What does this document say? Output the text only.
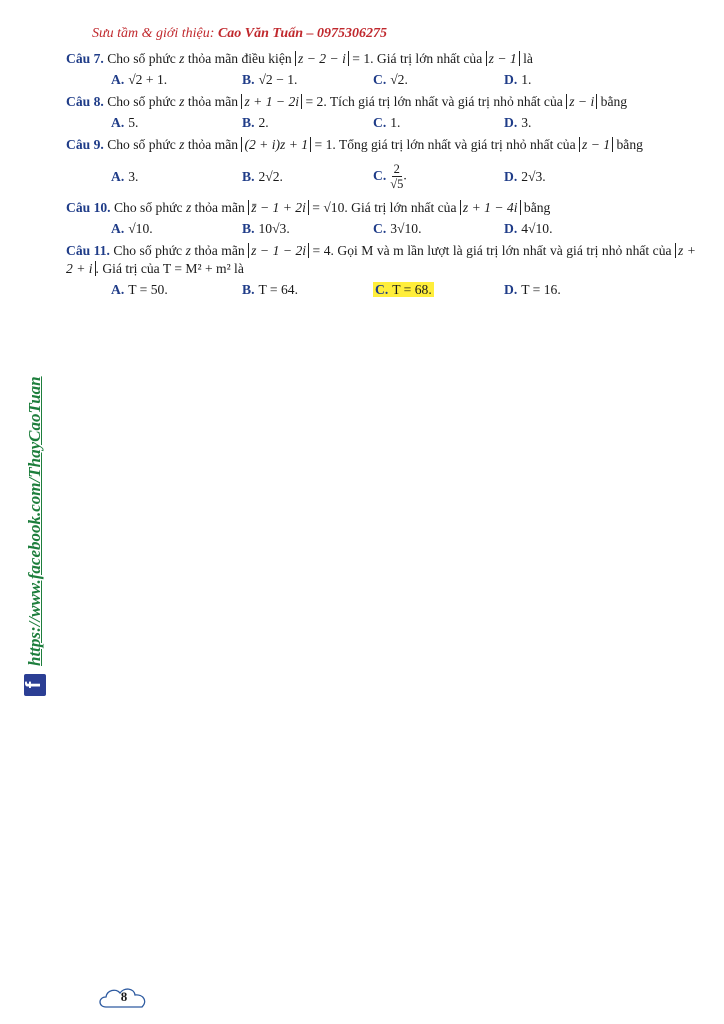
Sưu tầm & giới thiệu: Cao Văn Tuấn – 0975306275
Câu 7. Cho số phức z thỏa mãn điều kiện z − 2 − i = 1. Giá trị lớn nhất của z − 1 là
A. √2 + 1.	B. √2 − 1.	C. √2.	D. 1.
Câu 8. Cho số phức z thỏa mãn z + 1 − 2i = 2. Tích giá trị lớn nhất và giá trị nhỏ nhất của z − i bằng
A. 5.	B. 2.	C. 1.	D. 3.
Câu 9. Cho số phức z thỏa mãn (2 + i)z + 1 = 1. Tổng giá trị lớn nhất và giá trị nhỏ nhất của z − 1 bằng
A. 3.	B. 2√2.	C. $\frac{2}{√5}$ .	D. 2√3.
Câu 10. Cho số phức z thỏa mãn z̄ − 1 + 2i = √10. Giá trị lớn nhất của z + 1 − 4i bằng
A. √10.	B. 10√3.	C. 3√10.	D. 4√10.
Câu 11. Cho số phức z thỏa mãn z − 1 − 2i = 4. Gọi M và m lần lượt là giá trị lớn nhất và giá trị nhỏ nhất của z + 2 + i . Giá trị của T = M² + m² là
A. T = 50.	B. T = 64.	C. T = 68.	D. T = 16.
f
https://www.facebook.com/ThayCaoTuan
8
